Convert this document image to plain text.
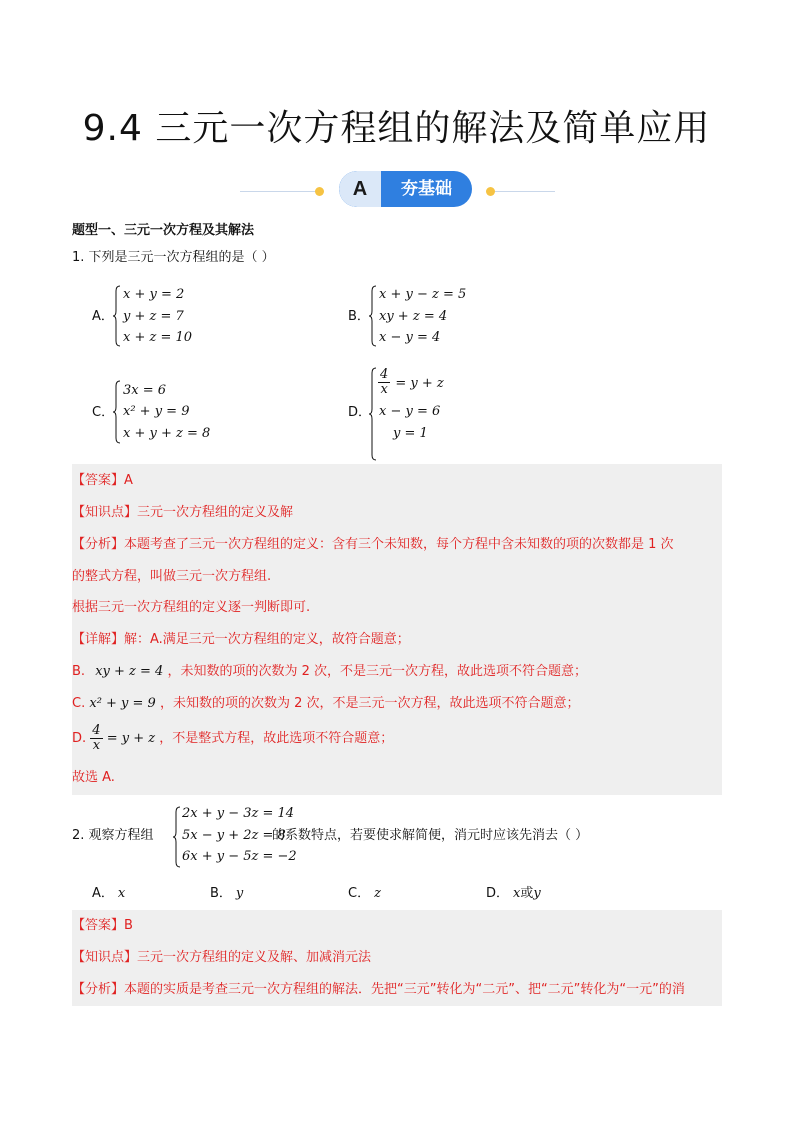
9.4 三元一次方程组的解法及简单应用
A	夯基础
题型一、三元一次方程及其解法
1. 下列是三元一次方程组的是（ ）
A．
x + y = 2
y + z = 7
x + z = 10
B．
x + y − z = 5
xy + z = 4
x − y = 4
C．
3x = 6
x² + y = 9
x + y + z = 8
D．
$\frac{4}{x} = y + z$
x − y = 6
y = 1
【答案】A
【知识点】三元一次方程组的定义及解
【分析】本题考查了三元一次方程组的定义：含有三个未知数，每个方程中含未知数的项的次数都是 1 次
的整式方程，叫做三元一次方程组.
根据三元一次方程组的定义逐一判断即可.
【详解】解：A.满足三元一次方程组的定义，故符合题意；
B. xy + z = 4 ，未知数的项的次数为 2 次，不是三元一次方程，故此选项不符合题意；
C. x² + y = 9 ，未知数的项的次数为 2 次，不是三元一次方程，故此选项不符合题意；
D. $\frac{4}{x} = y + z$ ，不是整式方程，故此选项不符合题意；
故选 A.
2. 观察方程组
2x + y − 3z = 14
5x − y + 2z = 8
6x + y − 5z = −2
的系数特点，若要使求解简便，消元时应该先消去（ ）
A． x	B． y	C． z	D． x或y
【答案】B
【知识点】三元一次方程组的定义及解、加减消元法
【分析】本题的实质是考查三元一次方程组的解法．先把“三元”转化为“二元”、把“二元”转化为“一元”的消
